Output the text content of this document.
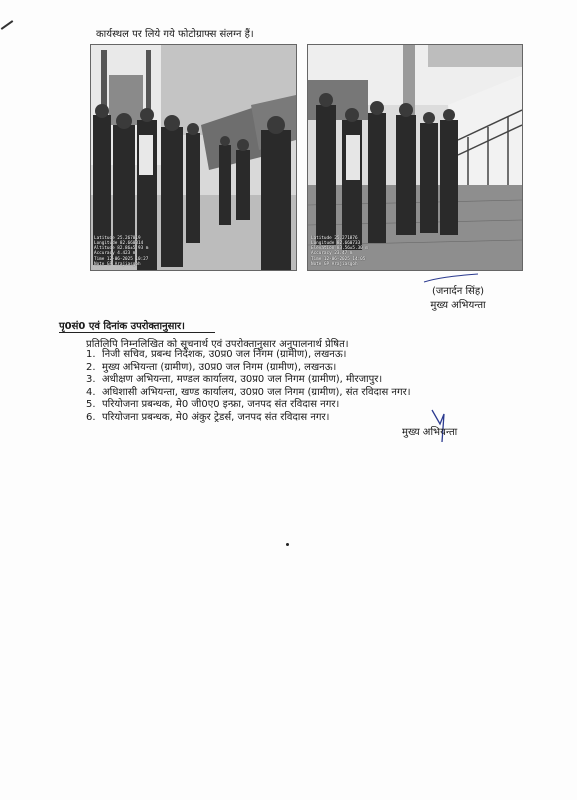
कार्यस्थल पर लिये गये फोटोग्राफ्स संलग्न हैं।
Latitude 25.267019
Longitude 82.660314
Altitude 82.86±5.93 m
Accuracy 4.423 m
Time 12-06-2025 10:27
Note GP Arajiasgoh
Latitude 25.271876
Longitude 82.660733
Elevation 83.56±5.30 m
Accuracy 23.47 m
Time 12-06-2025 14:05
Note GP Arajiasgoh
(जनार्दन सिंह)
मुख्य अभियन्ता
पृ0सं0 एवं दिनांक उपरोक्तानुसार।
प्रतिलिपि निम्नलिखित को सूचनार्थ एवं उपरोक्तानुसार अनुपालनार्थ प्रेषित।
1. निजी सचिव, प्रबन्ध निदेशक, उ0प्र0 जल निगम (ग्रामीण), लखनऊ।
2. मुख्य अभियन्ता (ग्रामीण), उ0प्र0 जल निगम (ग्रामीण), लखनऊ।
3. अधीक्षण अभियन्ता, मण्डल कार्यालय, उ0प्र0 जल निगम (ग्रामीण), मीरजापुर।
4. अधिशासी अभियन्ता, खण्ड कार्यालय, उ0प्र0 जल निगम (ग्रामीण), संत रविदास नगर।
5. परियोजना प्रबन्धक, मे0 जी0ए0 इन्फ्रा, जनपद संत रविदास नगर।
6. परियोजना प्रबन्धक, मे0 अंकुर ट्रेडर्स, जनपद संत रविदास नगर।
मुख्य अभियन्ता
